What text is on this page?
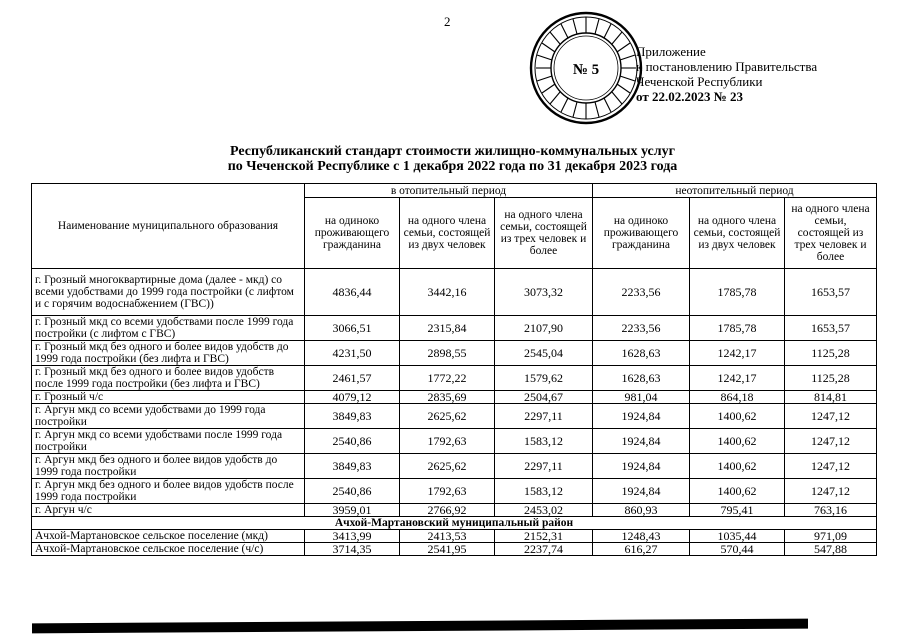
2
№ 5
Приложение
к постановлению Правительства
Чеченской Республики
от 22.02.2023 № 23
Республиканский стандарт стоимости жилищно-коммунальных услуг
по Чеченской Республике с 1 декабря 2022 года по 31 декабря 2023 года
Наименование муниципального образования	в отопительный период			неотопительный период		
	на одиноко проживающего гражданина	на одного члена семьи, состоящей из двух человек	на одного члена семьи, состоящей из трех человек и более	на одиноко проживающего гражданина	на одного члена семьи, состоящей из двух человек	на одного члена семьи, состоящей из трех человек и более
г. Грозный многоквартирные дома (далее - мкд) со всеми удобствами до 1999 года постройки (с лифтом и с горячим водоснабжением (ГВС))	4836,44	3442,16	3073,32	2233,56	1785,78	1653,57
г. Грозный мкд со всеми удобствами после 1999 года постройки (с лифтом с ГВС)	3066,51	2315,84	2107,90	2233,56	1785,78	1653,57
г. Грозный мкд без одного и более видов удобств до 1999 года постройки (без лифта и ГВС)	4231,50	2898,55	2545,04	1628,63	1242,17	1125,28
г. Грозный мкд без одного и более видов удобств после 1999 года постройки (без лифта и ГВС)	2461,57	1772,22	1579,62	1628,63	1242,17	1125,28
г. Грозный ч/с	4079,12	2835,69	2504,67	981,04	864,18	814,81
г. Аргун мкд со всеми удобствами до 1999 года постройки	3849,83	2625,62	2297,11	1924,84	1400,62	1247,12
г. Аргун мкд со всеми удобствами после 1999 года постройки	2540,86	1792,63	1583,12	1924,84	1400,62	1247,12
г. Аргун мкд без одного и более видов удобств до 1999 года постройки	3849,83	2625,62	2297,11	1924,84	1400,62	1247,12
г. Аргун мкд без одного и более видов удобств после 1999 года постройки	2540,86	1792,63	1583,12	1924,84	1400,62	1247,12
г. Аргун ч/с	3959,01	2766,92	2453,02	860,93	795,41	763,16
Ачхой-Мартановский муниципальный район						
Ачхой-Мартановское сельское поселение (мкд)	3413,99	2413,53	2152,31	1248,43	1035,44	971,09
Ачхой-Мартановское сельское поселение (ч/с)	3714,35	2541,95	2237,74	616,27	570,44	547,88
